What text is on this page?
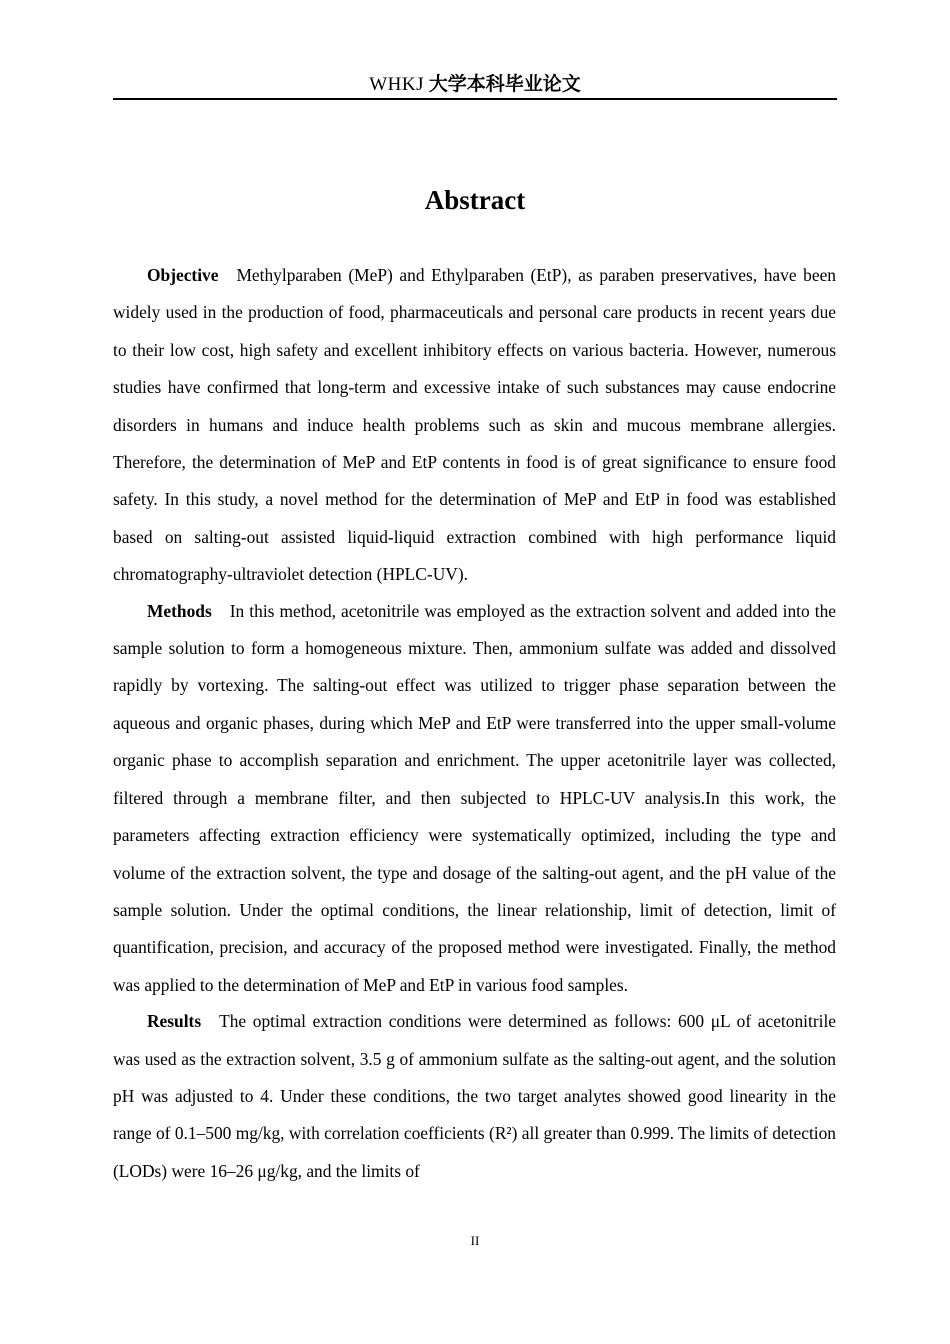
WHKJ 大学本科毕业论文
Abstract

Objective Methylparaben (MeP) and Ethylparaben (EtP), as paraben preservatives, have been widely used in the production of food, pharmaceuticals and personal care products in recent years due to their low cost, high safety and excellent inhibitory effects on various bacteria. However, numerous studies have confirmed that long-term and excessive intake of such substances may cause endocrine disorders in humans and induce health problems such as skin and mucous membrane allergies. Therefore, the determination of MeP and EtP contents in food is of great significance to ensure food safety. In this study, a novel method for the determination of MeP and EtP in food was established based on salting-out assisted liquid-liquid extraction combined with high performance liquid chromatography-ultraviolet detection (HPLC-UV).

Methods In this method, acetonitrile was employed as the extraction solvent and added into the sample solution to form a homogeneous mixture. Then, ammonium sulfate was added and dissolved rapidly by vortexing. The salting-out effect was utilized to trigger phase separation between the aqueous and organic phases, during which MeP and EtP were transferred into the upper small-volume organic phase to accomplish separation and enrichment. The upper acetonitrile layer was collected, filtered through a membrane filter, and then subjected to HPLC-UV analysis.In this work, the parameters affecting extraction efficiency were systematically optimized, including the type and volume of the extraction solvent, the type and dosage of the salting-out agent, and the pH value of the sample solution. Under the optimal conditions, the linear relationship, limit of detection, limit of quantification, precision, and accuracy of the proposed method were investigated. Finally, the method was applied to the determination of MeP and EtP in various food samples.

Results The optimal extraction conditions were determined as follows: 600 μL of acetonitrile was used as the extraction solvent, 3.5 g of ammonium sulfate as the salting-out agent, and the solution pH was adjusted to 4. Under these conditions, the two target analytes showed good linearity in the range of 0.1–500 mg/kg, with correlation coefficients (R²) all greater than 0.999. The limits of detection (LODs) were 16–26 μg/kg, and the limits of

II
